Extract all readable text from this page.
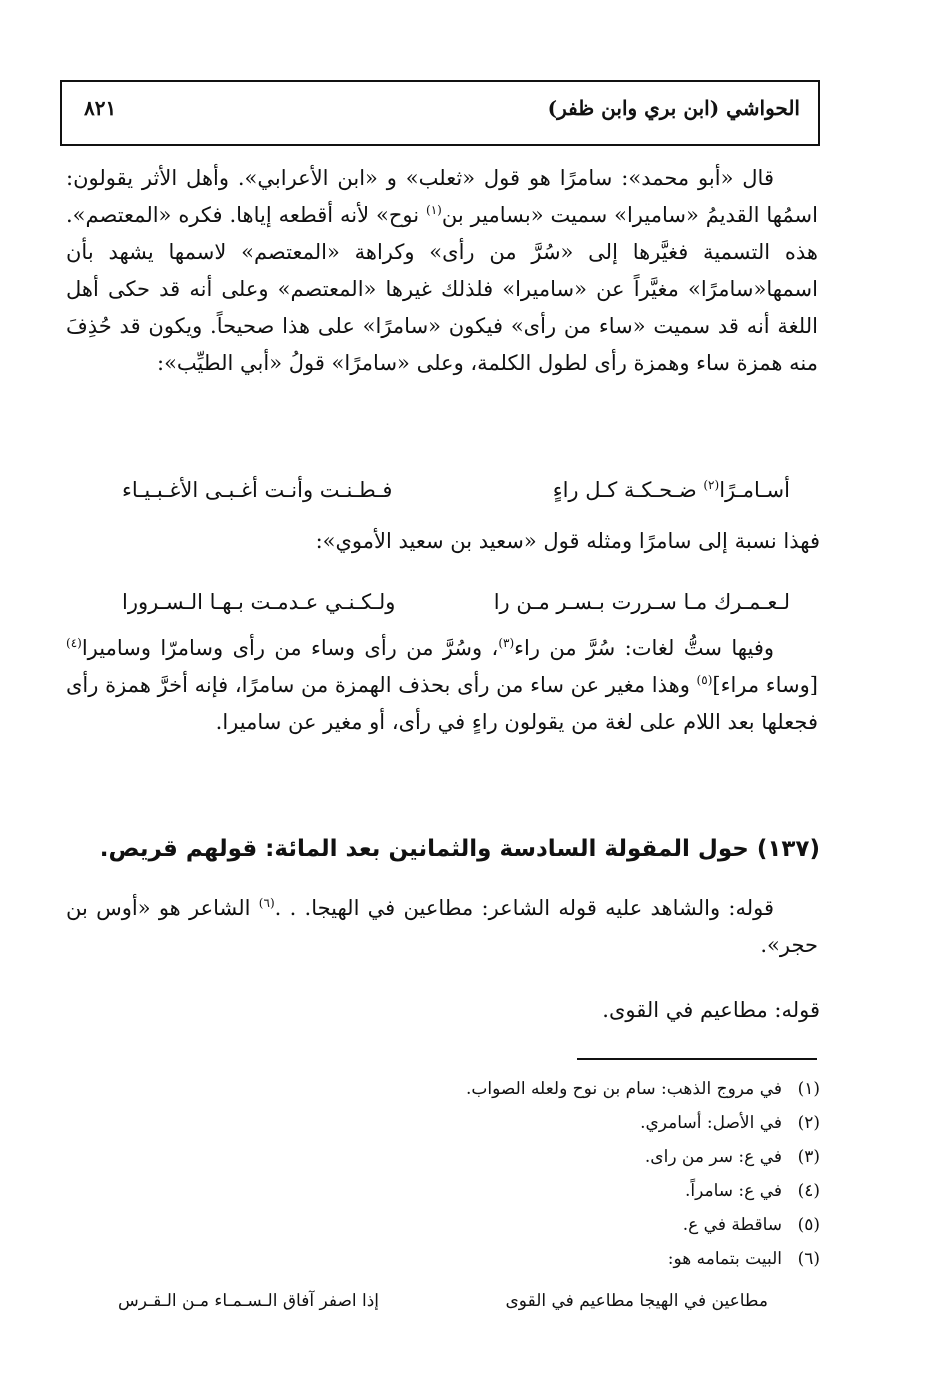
الحواشي (ابن بري وابن ظفر)
٨٢١

قال «أبو محمد»: سامرًا هو قول «ثعلب» و «ابن الأعرابي». وأهل الأثر يقولون: اسمُها القديمُ «ساميرا» سميت «بسامير بن$^{(١)}$ نوح» لأنه أقطعه إياها. فكره «المعتصم». هذه التسمية فغيَّرها إلى «سُرَّ من رأى» وكراهة «المعتصم» لاسمها يشهد بأن اسمها«سامرًا» مغيَّراً عن «ساميرا» فلذلك غيرها «المعتصم» وعلى أنه قد حكى أهل اللغة أنه قد سميت «ساء من رأى» فيكون «سامرًا» على هذا صحيحاً. ويكون قد حُذِفَ منه همزة ساء وهمزة رأى لطول الكلمة، وعلى «سامرًا» قولُ «أبي الطيِّب»:

أسـامـرًا$^{(٢)}$ ضـحـكـة كـل راءٍ
فـطـنـت وأنـت أغـبـى الأغـبـيـاء
فهذا نسبة إلى سامرًا ومثله قول «سعيد بن سعيد الأموي»:
لـعـمـرك مـا سـررت بـسـر مـن را
ولـكـنـي عـدمـت بـهـا الـسـرورا

وفيها ستُّ لغات: سُرَّ من راء$^{(٣)}$، وسُرَّ من رأى وساء من رأى وسامرّا وساميرا$^{(٤)}$[وساء مراء]$^{(٥)}$ وهذا مغير عن ساء من رأى بحذف الهمزة من سامرًا، فإنه أخرَّ همزة رأى فجعلها بعد اللام على لغة من يقولون راءٍ في رأى، أو مغير عن ساميرا.

(١٣٧) حول المقولة السادسة والثمانين بعد المائة: قولهم قريص.

قوله: والشاهد عليه قوله الشاعر: مطاعين في الهيجا. . .$^{(٦)}$ الشاعر هو «أوس بن حجر».

قوله: مطاعيم في القوى.
(١)في مروج الذهب: سام بن نوح ولعله الصواب.
(٢)في الأصل: أسامري.
(٣)في ع: سر من راى.
(٤)في ع: سامراً.
(٥)ساقطة في ع.
(٦)البيت بتمامه هو:
مطاعين في الهيجا مطاعيم في القوى
إذا اصفر آفاق الـسـمـاء مـن الـقـرس
